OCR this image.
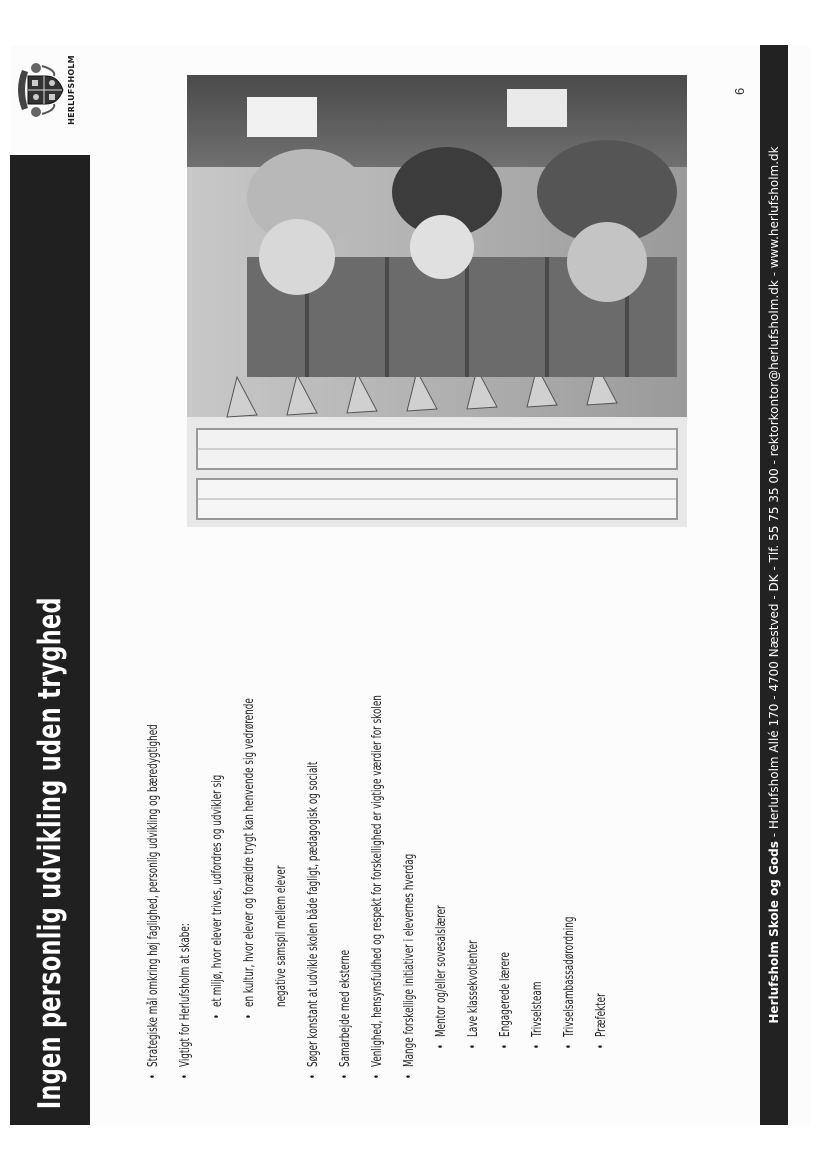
Ingen personlig udvikling uden tryghed
HERLUFSHOLM
•
Strategiske mål omkring høj faglighed, personlig udvikling og bæredygtighed
•
Vigtigt for Herlufsholm at skabe:	•
et miljø, hvor elever trives, udfordres og udvikler sig
•
en kultur, hvor elever og forældre trygt kan henvende sig vedrørende	negative samspil mellem elever
•
Søger konstant at udvikle skolen både fagligt, pædagogisk og socialt
•
Samarbejde med eksterne
•
Venlighed, hensynsfuldhed og respekt for forskellighed er vigtige værdier for skolen
•
Mange forskellige initiativer i elevernes hverdag	•
Mentor og/eller sovesalslærer
•
Lave klassekvotienter
•
Engagerede lærere
•
Trivselsteam
•
Trivselsambassadørordning
•
Præfekter
6
Herlufsholm Skole og Gods - Herlufsholm Allé 170 - 4700 Næstved - DK - Tlf. 55 75 35 00 - rektorkontor@herlufsholm.dk - www.herlufsholm.dk
